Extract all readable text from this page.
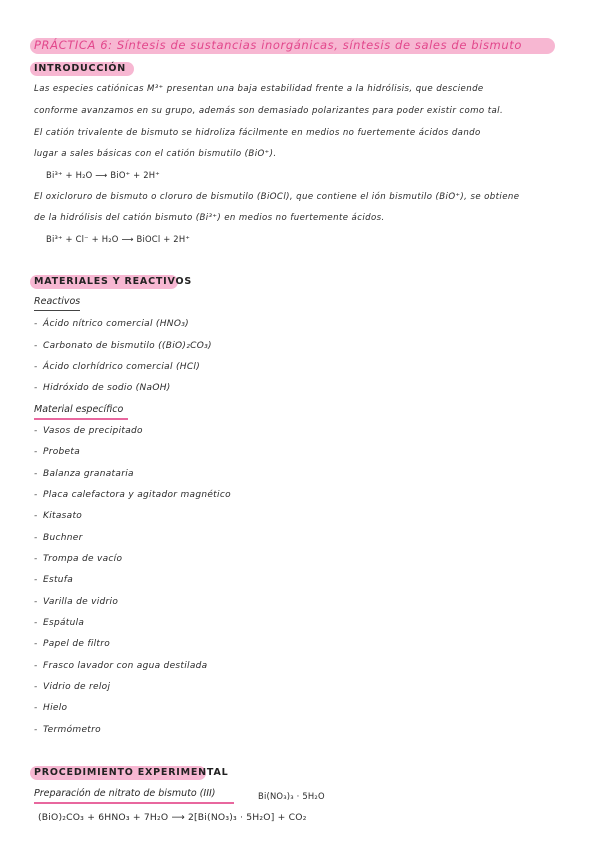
PRÁCTICA 6: Síntesis de sustancias inorgánicas, síntesis de sales de bismuto
INTRODUCCIÓN
Las especies catiónicas M³⁺ presentan una baja estabilidad frente a la hidrólisis, que desciende
conforme avanzamos en su grupo, además son demasiado polarizantes para poder existir como tal.
El catión trivalente de bismuto se hidroliza fácilmente en medios no fuertemente ácidos dando
lugar a sales básicas con el catión bismutilo (BiO⁺).
Bi³⁺ + H₂O ⟶ BiO⁺ + 2H⁺
El oxicloruro de bismuto o cloruro de bismutilo (BiOCl), que contiene el ión bismutilo (BiO⁺), se obtiene
de la hidrólisis del catión bismuto (Bi³⁺) en medios no fuertemente ácidos.
Bi³⁺ + Cl⁻ + H₂O ⟶ BiOCl + 2H⁺
MATERIALES Y REACTIVOS
Reactivos
- Ácido nítrico comercial (HNO₃)
- Carbonato de bismutilo ((BiO)₂CO₃)
- Ácido clorhídrico comercial (HCl)
- Hidróxido de sodio (NaOH)
Material específico
- Vasos de precipitado
- Probeta
- Balanza granataria
- Placa calefactora y agitador magnético
- Kitasato
- Buchner
- Trompa de vacío
- Estufa
- Varilla de vidrio
- Espátula
- Papel de filtro
- Frasco lavador con agua destilada
- Vidrio de reloj
- Hielo
- Termómetro
PROCEDIMIENTO EXPERIMENTAL
Preparación de nitrato de bismuto (III)	Bi(NO₃)₃ · 5H₂O
(BiO)₂CO₃ + 6HNO₃ + 7H₂O ⟶ 2[Bi(NO₃)₃ · 5H₂O] + CO₂
